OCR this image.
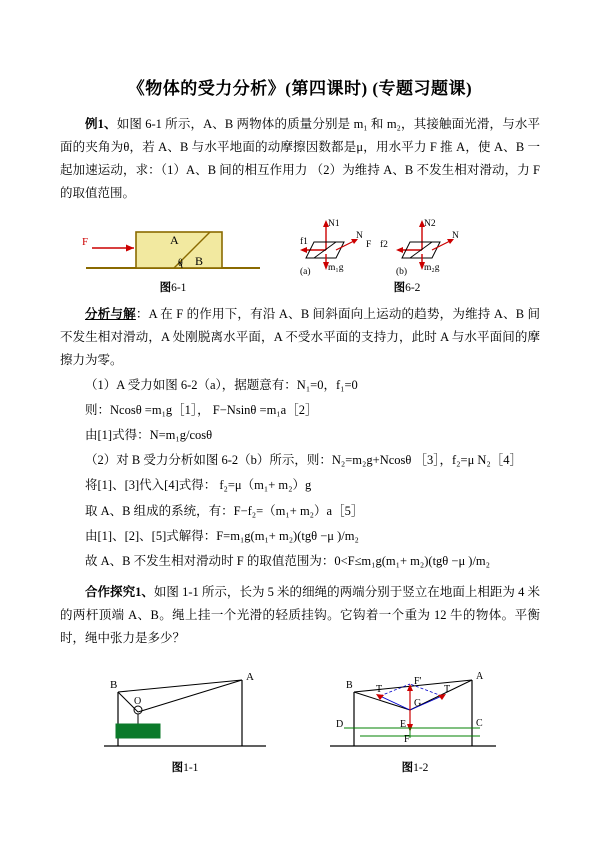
《物体的受力分析》(第四课时) (专题习题课)

例1、如图 6-1 所示，A、B 两物体的质量分别是 m₁ 和 m₂，其接触面光滑，与水平面的夹角为θ，若 A、B 与水平地面的动摩擦因数都是μ，用水平力 F 推 A，使 A、B 一起加速运动，求：（1）A、B 间的相互作用力 （2）为维持 A、B 不发生相对滑动，力 F 的取值范围。

F	A
B
θ
图6-1
N1
f1
m₁g
(a)
N
N2
F f2
m₂g
(b)
N
图6-2

分析与解：A 在 F 的作用下，有沿 A、B 间斜面向上运动的趋势，为维持 A、B 间不发生相对滑动，A 处刚脱离水平面，A 不受水平面的支持力，此时 A 与水平面间的摩擦力为零。

（1）A 受力如图 6-2（a），据题意有：N₁=0，f₁=0

则：Ncosθ =m₁g［1］， F−Nsinθ =m₁a［2］

由[1]式得：N=m₁g/cosθ

（2）对 B 受力分析如图 6-2（b）所示，则：N₂=m₂g+Ncosθ ［3］，f₂=μ N₂［4］

将[1]、[3]代入[4]式得： f₂=μ（m₁+ m₂）g

取 A、B 组成的系统，有：F−f₂=（m₁+ m₂）a［5］

由[1]、[2]、[5]式解得：F=m₁g(m₁+ m₂)(tgθ −μ )/m₂

故 A、B 不发生相对滑动时 F 的取值范围为：0<F≤m₁g(m₁+ m₂)(tgθ −μ )/m₂

合作探究1、如图 1-1 所示，长为 5 米的细绳的两端分别于竖立在地面上相距为 4 米的两杆顶端 A、B。绳上挂一个光滑的轻质挂钩。它钩着一个重为 12 牛的物体。平衡时，绳中张力是多少？

B
A
O
图1-1
B
A
C
D	E
F
F'
G
T	T
图1-2
